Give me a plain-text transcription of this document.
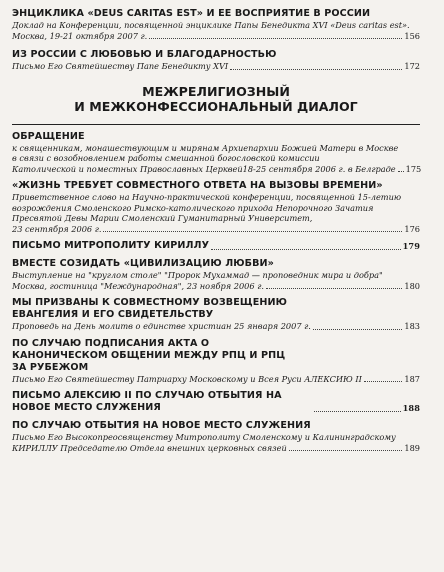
ЭНЦИКЛИКА «DEUS CARITAS EST» И ЕЕ ВОСПРИЯТИЕ В РОССИИ
Доклад на Конференции, посвященной энциклике Папы Бенедикта XVI «Deus caritas est».
Москва, 19-21 октября 2007 г.	156
ИЗ РОССИИ С ЛЮБОВЬЮ И БЛАГОДАРНОСТЬЮ
Письмо Его Святейшеству Папе Бенедикту XVI	172
МЕЖРЕЛИГИОЗНЫЙ
И МЕЖКОНФЕССИОНАЛЬНЫЙ ДИАЛОГ
ОБРАЩЕНИЕ
к священникам, монашествующим и мирянам Архиепархии Божией Матери в Москве
в связи с возобновлением работы смешанной богословской комиссии
Католической и поместных Православных Церквей18-25 сентября 2006 г. в Белграде 175
«ЖИЗНЬ ТРЕБУЕТ СОВМЕСТНОГО ОТВЕТА НА ВЫЗОВЫ ВРЕМЕНИ»
Приветственное слово на Научно-практической конференции, посвященной 15-летию
возрождения Смоленского Римско-католического прихода Непорочного Зачатия
Пресвятой Девы Марии Смоленский Гуманитарный Университет,
23 сентября 2006 г.	176
ПИСЬМО МИТРОПОЛИТУ КИРИЛЛУ	179
ВМЕСТЕ СОЗИДАТЬ «ЦИВИЛИЗАЦИЮ ЛЮБВИ»
Выступление на "круглом столе" "Пророк Мухаммад — проповедник мира и добра"
Москва, гостиница "Международная", 23 ноября 2006 г.	180
МЫ ПРИЗВАНЫ К СОВМЕСТНОМУ ВОЗВЕЩЕНИЮ ЕВАНГЕЛИЯ И ЕГО СВИДЕТЕЛЬСТВУ
Проповедь на День молитв о единстве христиан 25 января 2007 г.	183
ПО СЛУЧАЮ ПОДПИСАНИЯ АКТА О КАНОНИЧЕСКОМ ОБЩЕНИИ МЕЖДУ РПЦ И РПЦ ЗА РУБЕЖОМ
Письмо Его Святейшеству Патриарху Московскому и Всея Руси АЛЕКСИЮ II	187
ПИСЬМО АЛЕКСИЮ II ПО СЛУЧАЮ ОТБЫТИЯ НА НОВОЕ МЕСТО СЛУЖЕНИЯ	188
ПО СЛУЧАЮ ОТБЫТИЯ НА НОВОЕ МЕСТО СЛУЖЕНИЯ
Письмо Его Высокопреосвященству Митрополиту Смоленскому и Калининградскому
КИРИЛЛУ Председателю Отдела внешних церковных связей	189
